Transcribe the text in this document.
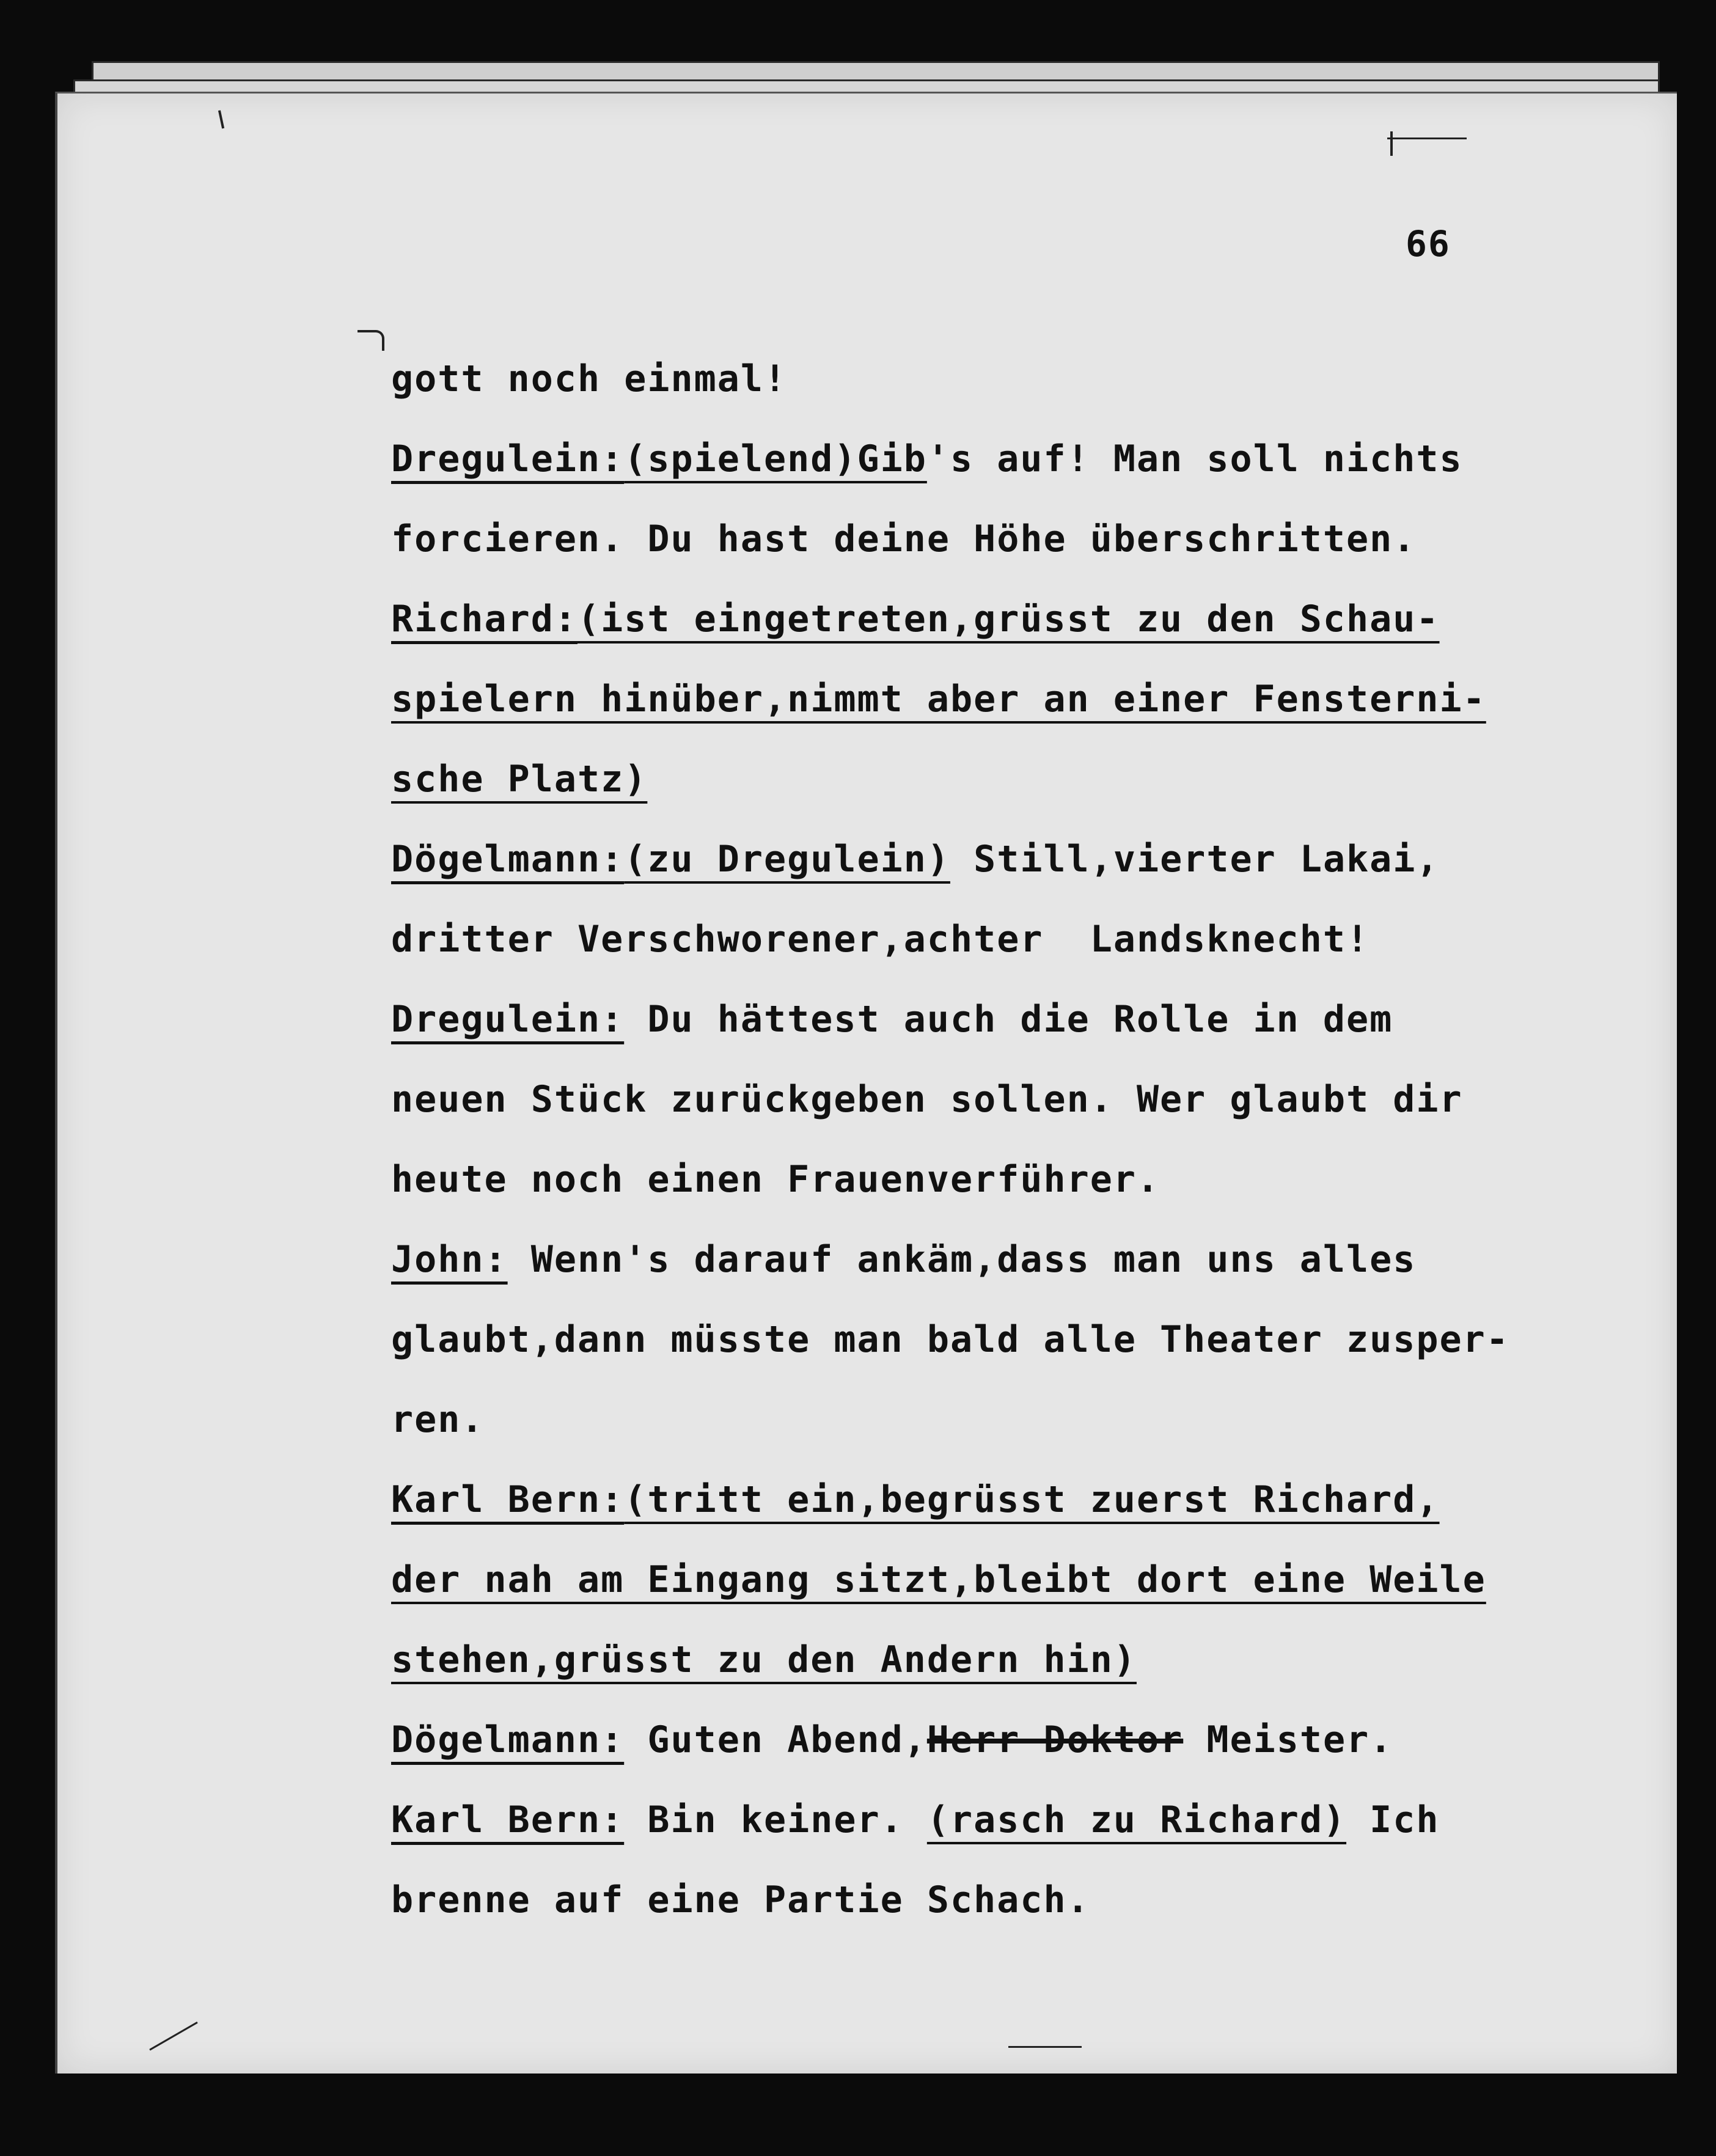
66
gott noch einmal!
Dregulein:(spielend)Gib's auf! Man soll nichts
forcieren. Du hast deine Höhe überschritten.
Richard:(ist eingetreten,grüsst zu den Schau-
spielern hinüber,nimmt aber an einer Fensterni-
sche Platz)
Dögelmann:(zu Dregulein) Still,vierter Lakai,
dritter Verschworener,achter  Landsknecht!
Dregulein: Du hättest auch die Rolle in dem
neuen Stück zurückgeben sollen. Wer glaubt dir
heute noch einen Frauenverführer.
John: Wenn's darauf ankäm,dass man uns alles
glaubt,dann müsste man bald alle Theater zusper-
ren.
Karl Bern:(tritt ein,begrüsst zuerst Richard,
der nah am Eingang sitzt,bleibt dort eine Weile
stehen,grüsst zu den Andern hin)
Dögelmann: Guten Abend,Herr Doktor Meister.
Karl Bern: Bin keiner. (rasch zu Richard) Ich
brenne auf eine Partie Schach.
